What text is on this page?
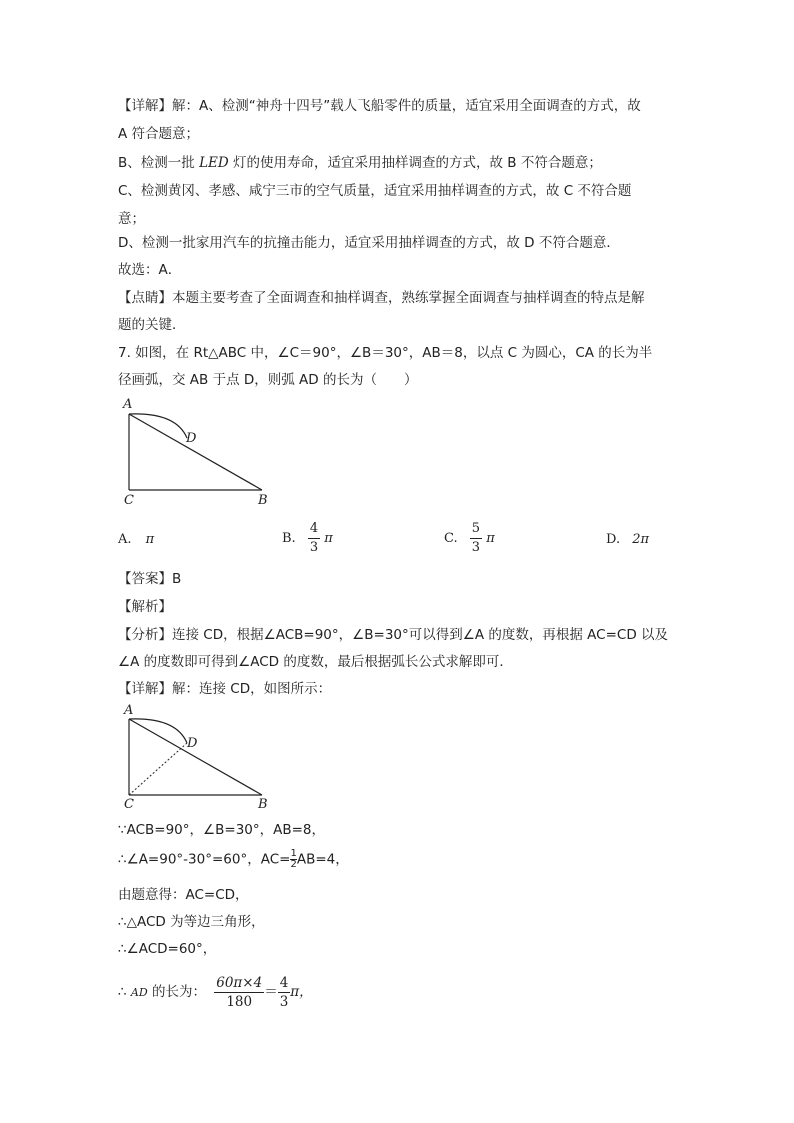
【详解】解：A、检测“神舟十四号”载人飞船零件的质量，适宜采用全面调查的方式，故
A 符合题意；
B、检测一批 LED 灯的使用寿命，适宜采用抽样调查的方式，故 B 不符合题意；
C、检测黄冈、孝感、咸宁三市的空气质量，适宜采用抽样调查的方式，故 C 不符合题
意；
D、检测一批家用汽车的抗撞击能力，适宜采用抽样调查的方式，故 D 不符合题意．
故选：A．
【点睛】本题主要考查了全面调查和抽样调查，熟练掌握全面调查与抽样调查的特点是解
题的关键．
7. 如图，在 Rt△ABC 中，∠C＝90°，∠B＝30°，AB＝8，以点 C 为圆心，CA 的长为半
径画弧，交 AB 于点 D，则弧 AD 的长为（　　）
A
D
C	B
A. π	B. $\frac{4}{3}$ π	C. $\frac{5}{3}$ π	D. 2π
【答案】B
【解析】
【分析】连接 CD，根据∠ACB=90°，∠B=30°可以得到∠A 的度数，再根据 AC=CD 以及
∠A 的度数即可得到∠ACD 的度数，最后根据弧长公式求解即可．
【详解】解：连接 CD，如图所示：
A
D
C	B
∵ACB=90°，∠B=30°，AB=8，
∴∠A=90°-30°=60°，$AC= \frac{1}{2} AB=4$，
由题意得：AC=CD，
∴△ACD 为等边三角形，
∴∠ACD=60°，
∴ AD 的长为： $\frac{60\pi\times 4}{180} = \frac{4}{3}$ π，
